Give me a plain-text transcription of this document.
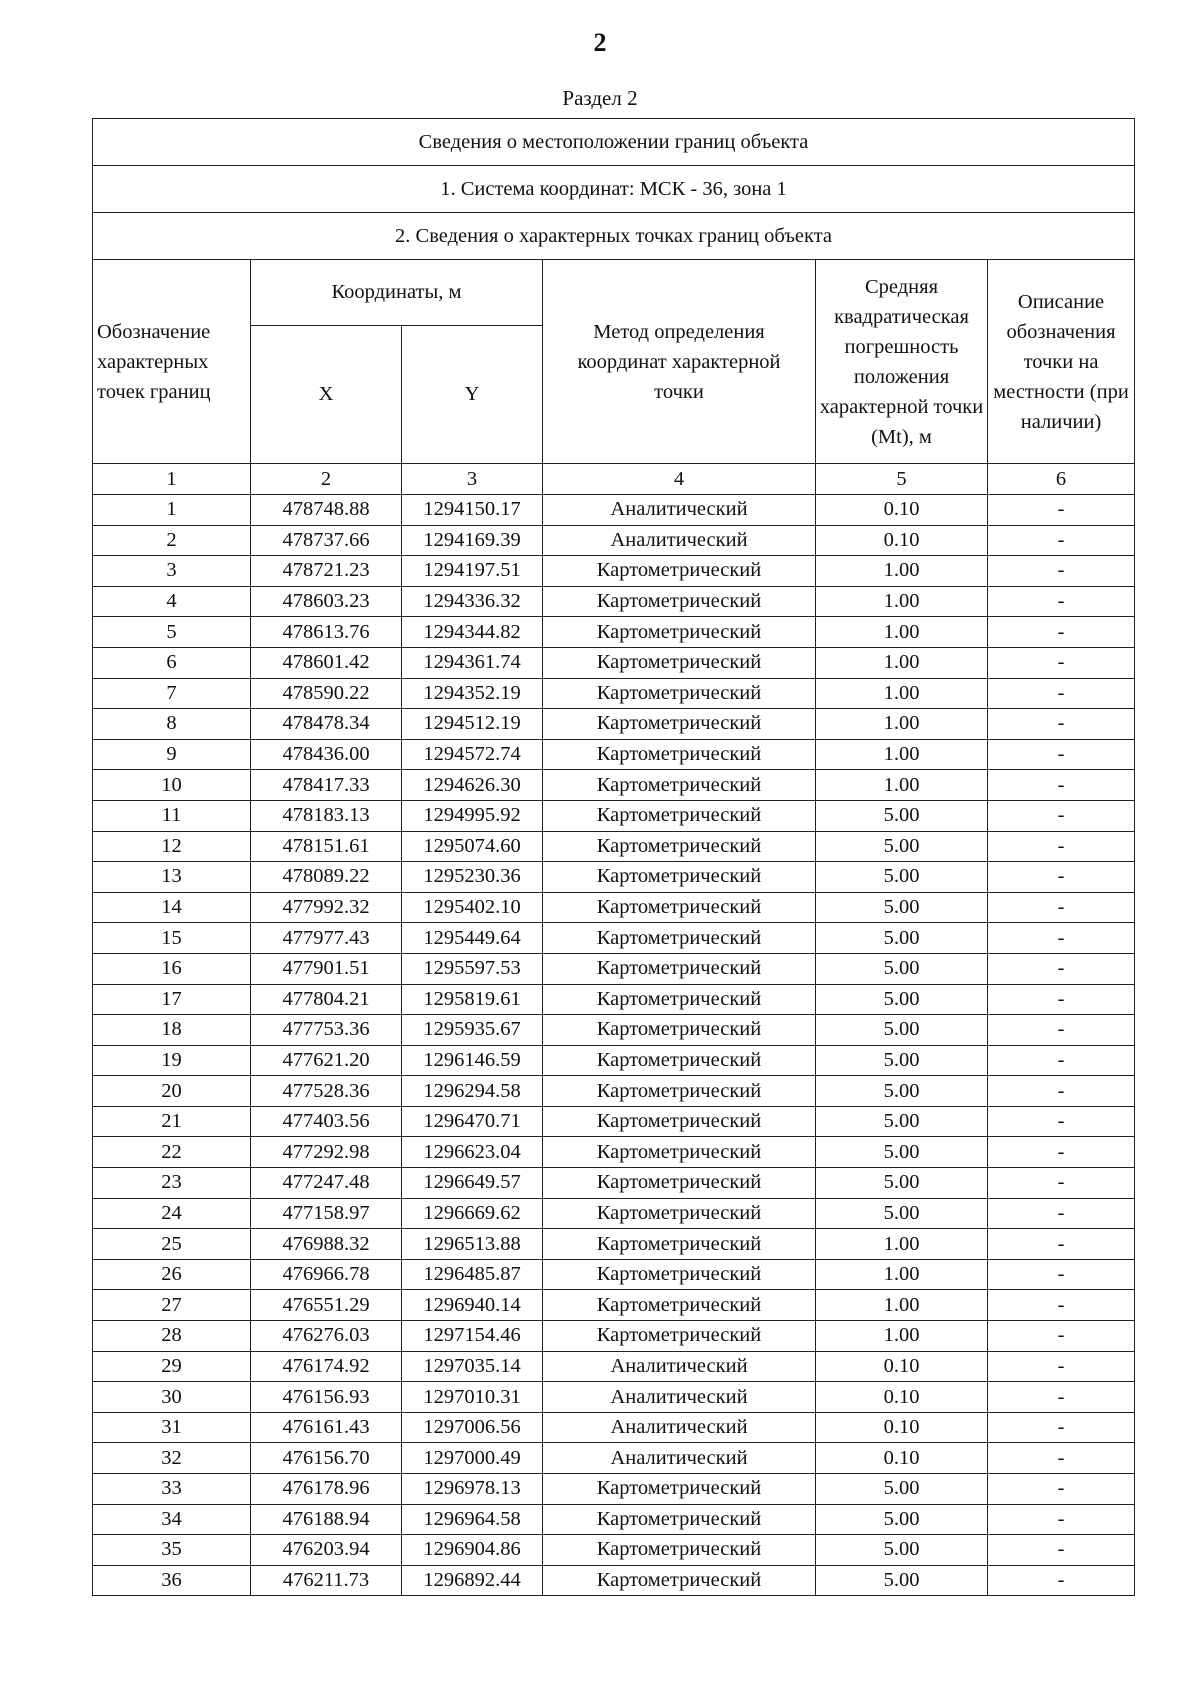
2
Раздел 2
Сведения о местоположении границ объекта					
1. Система координат: МСК - 36, зона 1					
2. Сведения о характерных точках границ объекта					
Обозначение характерных точек границ	Координаты, м		Метод определения координат характерной точки	Средняя квадратическая погрешность положения характерной точки (Mt), м	Описание обозначения точки на местности (при наличии)
	X	Y			
1	2	3	4	5	6
1	478748.88	1294150.17	Аналитический	0.10	-
2	478737.66	1294169.39	Аналитический	0.10	-
3	478721.23	1294197.51	Картометрический	1.00	-
4	478603.23	1294336.32	Картометрический	1.00	-
5	478613.76	1294344.82	Картометрический	1.00	-
6	478601.42	1294361.74	Картометрический	1.00	-
7	478590.22	1294352.19	Картометрический	1.00	-
8	478478.34	1294512.19	Картометрический	1.00	-
9	478436.00	1294572.74	Картометрический	1.00	-
10	478417.33	1294626.30	Картометрический	1.00	-
11	478183.13	1294995.92	Картометрический	5.00	-
12	478151.61	1295074.60	Картометрический	5.00	-
13	478089.22	1295230.36	Картометрический	5.00	-
14	477992.32	1295402.10	Картометрический	5.00	-
15	477977.43	1295449.64	Картометрический	5.00	-
16	477901.51	1295597.53	Картометрический	5.00	-
17	477804.21	1295819.61	Картометрический	5.00	-
18	477753.36	1295935.67	Картометрический	5.00	-
19	477621.20	1296146.59	Картометрический	5.00	-
20	477528.36	1296294.58	Картометрический	5.00	-
21	477403.56	1296470.71	Картометрический	5.00	-
22	477292.98	1296623.04	Картометрический	5.00	-
23	477247.48	1296649.57	Картометрический	5.00	-
24	477158.97	1296669.62	Картометрический	5.00	-
25	476988.32	1296513.88	Картометрический	1.00	-
26	476966.78	1296485.87	Картометрический	1.00	-
27	476551.29	1296940.14	Картометрический	1.00	-
28	476276.03	1297154.46	Картометрический	1.00	-
29	476174.92	1297035.14	Аналитический	0.10	-
30	476156.93	1297010.31	Аналитический	0.10	-
31	476161.43	1297006.56	Аналитический	0.10	-
32	476156.70	1297000.49	Аналитический	0.10	-
33	476178.96	1296978.13	Картометрический	5.00	-
34	476188.94	1296964.58	Картометрический	5.00	-
35	476203.94	1296904.86	Картометрический	5.00	-
36	476211.73	1296892.44	Картометрический	5.00	-
